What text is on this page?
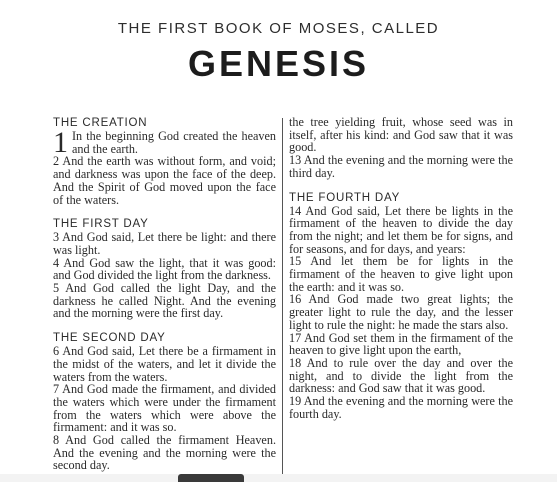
THE FIRST BOOK OF MOSES, CALLED
GENESIS
THE CREATION
1 In the beginning God created the heaven and the earth.
2 And the earth was without form, and void; and darkness was upon the face of the deep. And the Spirit of God moved upon the face of the waters.
THE FIRST DAY
3 And God said, Let there be light: and there was light.
4 And God saw the light, that it was good: and God divided the light from the darkness.
5 And God called the light Day, and the darkness he called Night. And the evening and the morning were the first day.
THE SECOND DAY
6 And God said, Let there be a firmament in the midst of the waters, and let it divide the waters from the waters.
7 And God made the firmament, and divided the waters which were under the firmament from the waters which were above the firmament: and it was so.
8 And God called the firmament Heaven. And the evening and the morning were the second day.
the tree yielding fruit, whose seed was in itself, after his kind: and God saw that it was good.
13 And the evening and the morning were the third day.
THE FOURTH DAY
14 And God said, Let there be lights in the firmament of the heaven to divide the day from the night; and let them be for signs, and for seasons, and for days, and years:
15 And let them be for lights in the firmament of the heaven to give light upon the earth: and it was so.
16 And God made two great lights; the greater light to rule the day, and the lesser light to rule the night: he made the stars also.
17 And God set them in the firmament of the heaven to give light upon the earth,
18 And to rule over the day and over the night, and to divide the light from the darkness: and God saw that it was good.
19 And the evening and the morning were the fourth day.
